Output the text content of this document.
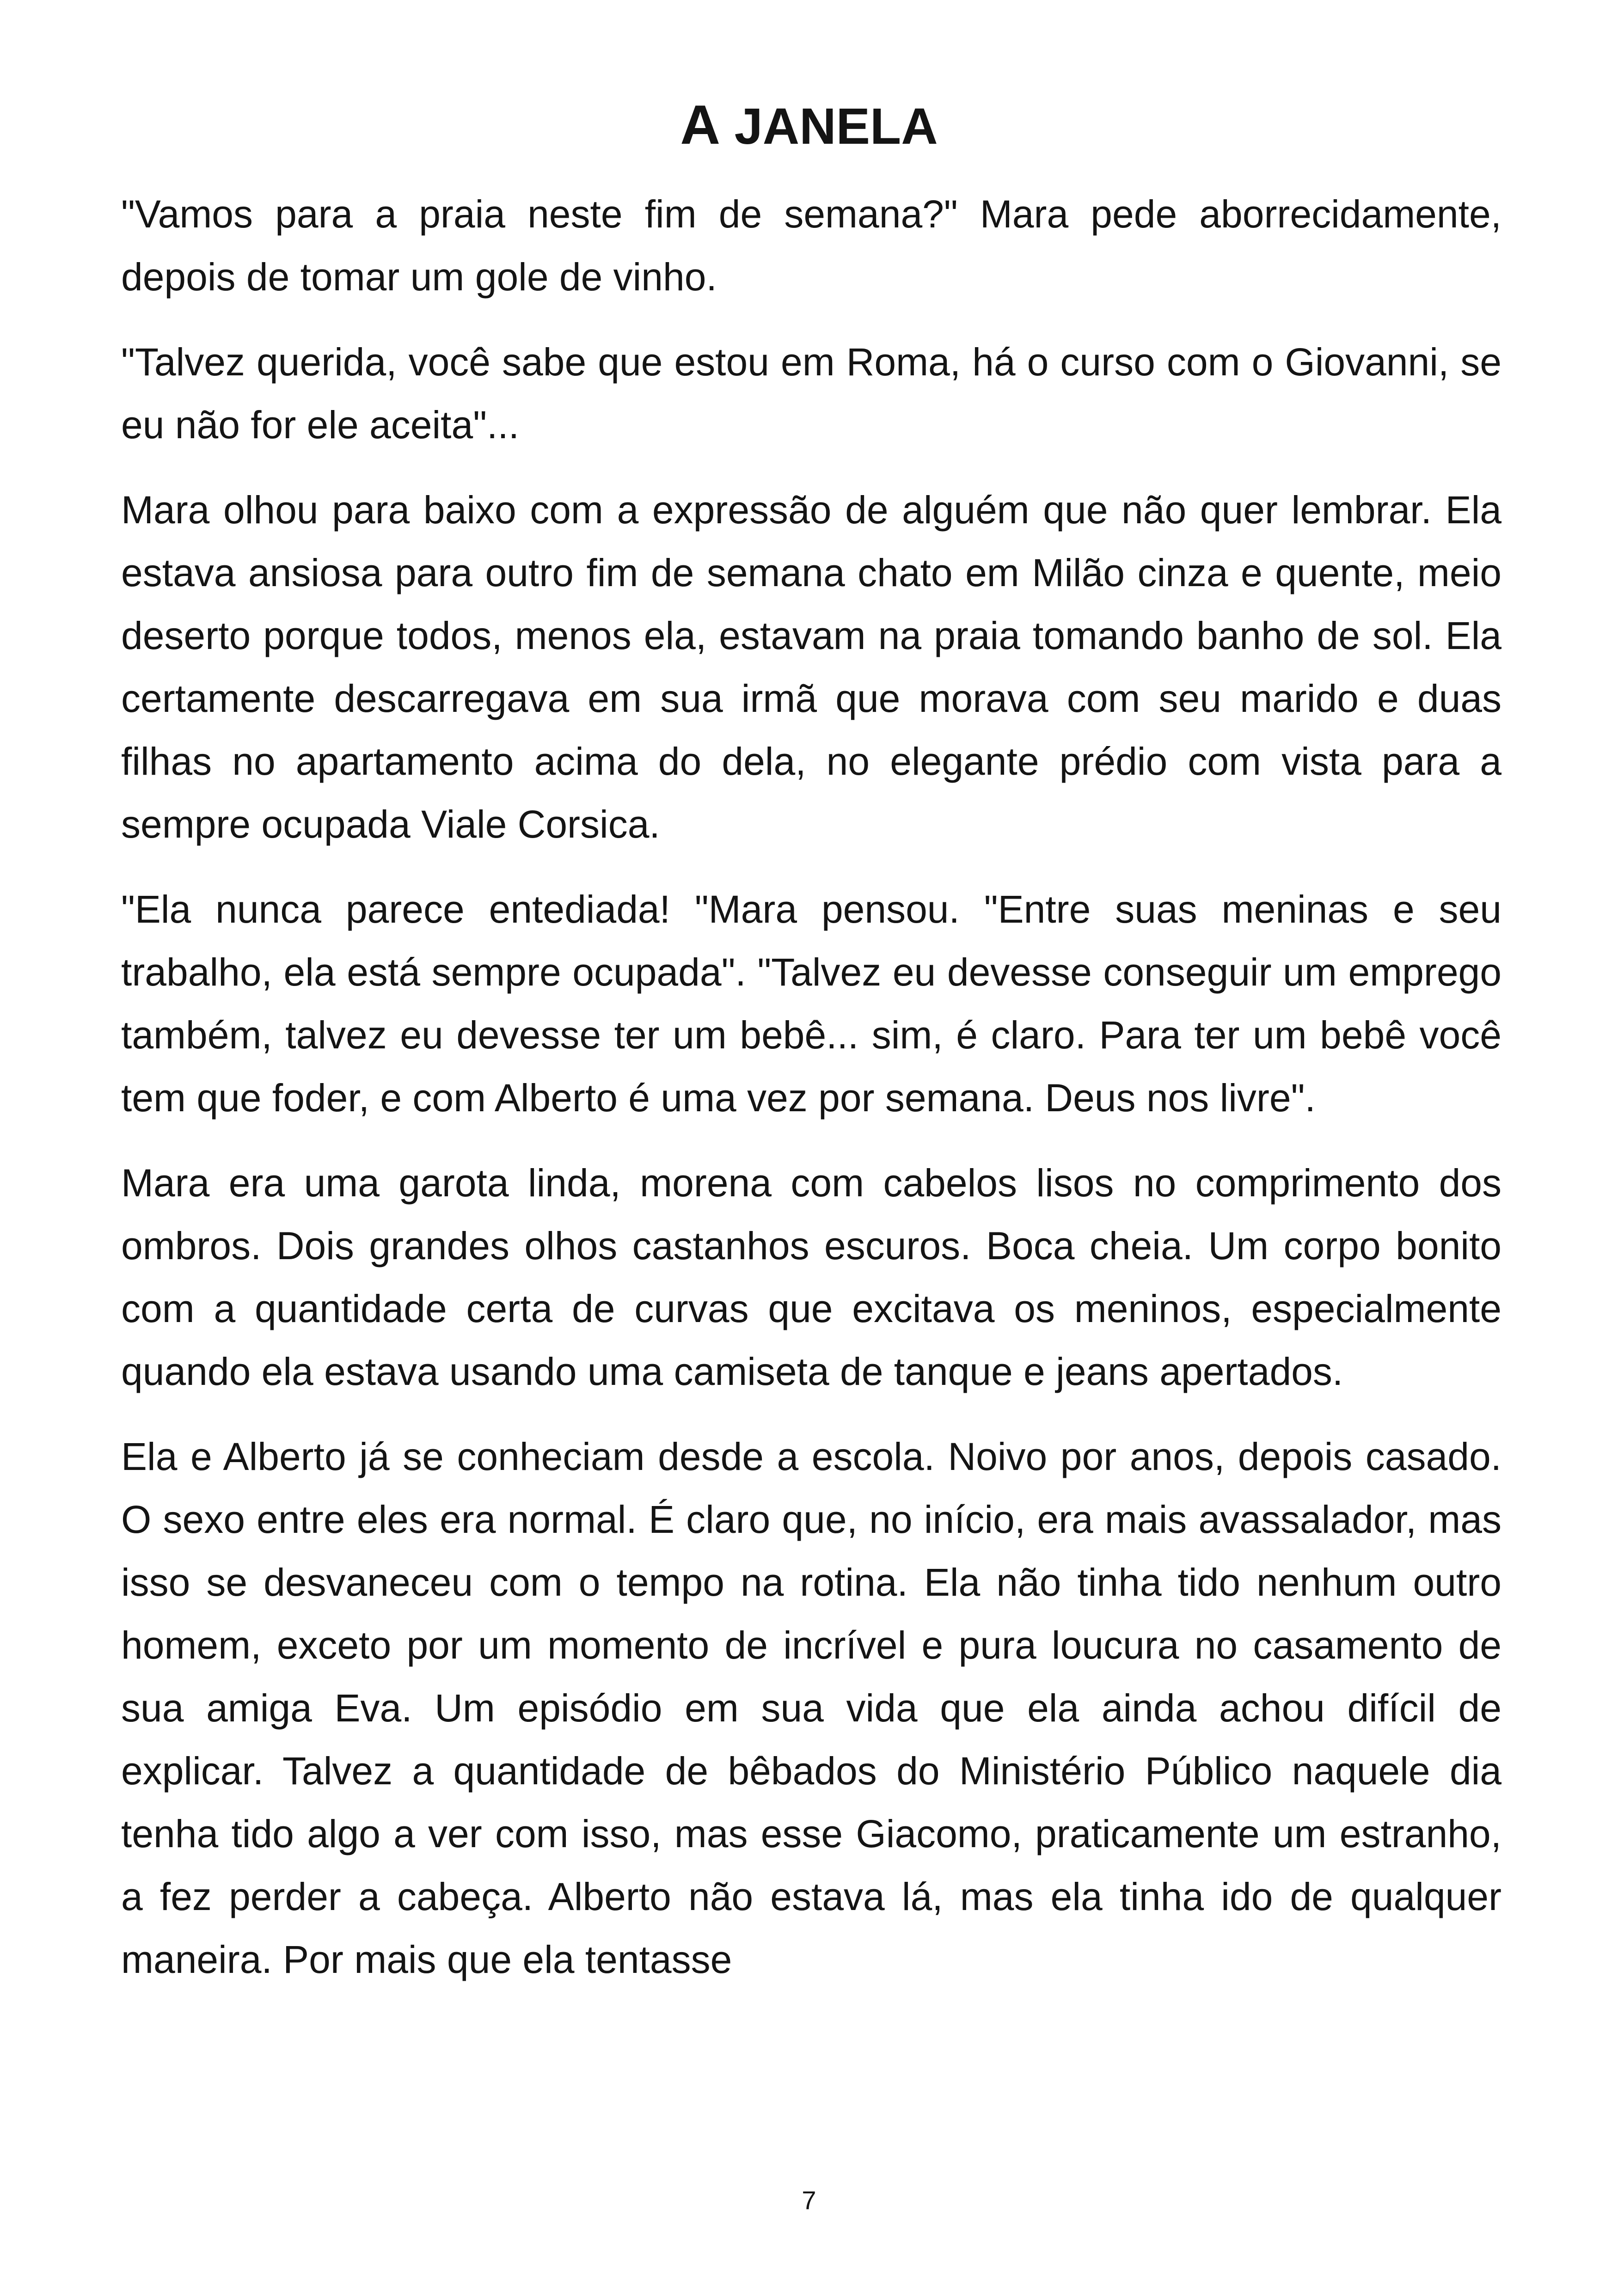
A JANELA

"Vamos para a praia neste fim de semana?" Mara pede aborrecidamente, depois de tomar um gole de vinho.

"Talvez querida, você sabe que estou em Roma, há o curso com o Giovanni, se eu não for ele aceita"...

Mara olhou para baixo com a expressão de alguém que não quer lembrar. Ela estava ansiosa para outro fim de semana chato em Milão cinza e quente, meio deserto porque todos, menos ela, estavam na praia tomando banho de sol. Ela certamente descarregava em sua irmã que morava com seu marido e duas filhas no apartamento acima do dela, no elegante prédio com vista para a sempre ocupada Viale Corsica.

"Ela nunca parece entediada! "Mara pensou. "Entre suas meninas e seu trabalho, ela está sempre ocupada". "Talvez eu devesse conseguir um emprego também, talvez eu devesse ter um bebê... sim, é claro. Para ter um bebê você tem que foder, e com Alberto é uma vez por semana. Deus nos livre".

Mara era uma garota linda, morena com cabelos lisos no comprimento dos ombros. Dois grandes olhos castanhos escuros. Boca cheia. Um corpo bonito com a quantidade certa de curvas que excitava os meninos, especialmente quando ela estava usando uma camiseta de tanque e jeans apertados.

Ela e Alberto já se conheciam desde a escola. Noivo por anos, depois casado. O sexo entre eles era normal. É claro que, no início, era mais avassalador, mas isso se desvaneceu com o tempo na rotina. Ela não tinha tido nenhum outro homem, exceto por um momento de incrível e pura loucura no casamento de sua amiga Eva. Um episódio em sua vida que ela ainda achou difícil de explicar. Talvez a quantidade de bêbados do Ministério Público naquele dia tenha tido algo a ver com isso, mas esse Giacomo, praticamente um estranho, a fez perder a cabeça. Alberto não estava lá, mas ela tinha ido de qualquer maneira. Por mais que ela tentasse

7
